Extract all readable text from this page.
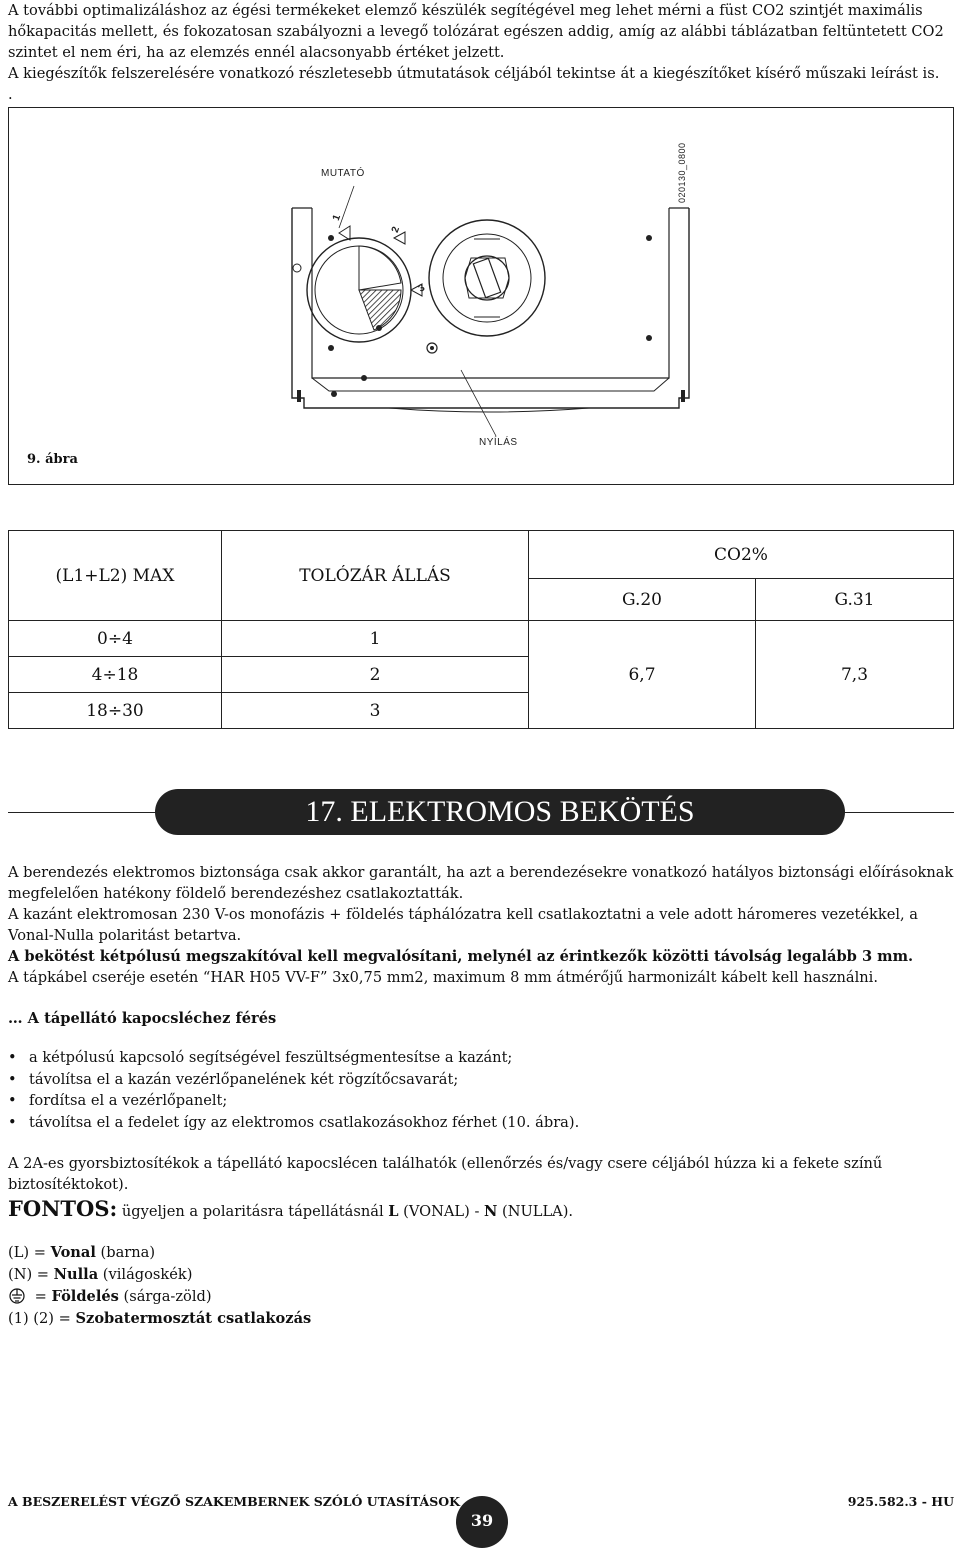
A további optimalizáláshoz az égési termékeket elemző készülék segítégével meg lehet mérni a füst CO2 szintjét maximális hőkapacitás mellett, és fokozatosan szabályozni a levegő tolózárat egészen addig, amíg az alábbi táblázatban feltüntetett CO2 szintet el nem éri, ha az elemzés ennél alacsonyabb értéket jelzett.

A kiegészítők felszerelésére vonatkozó részletesebb útmutatások céljából tekintse át a kiegészítőket kísérő műszaki leírást is.

.

MUTATÓ
NYÍLÁS
1
2
3
020130_0800
9. ábra
(L1+L2) MAX	TOLÓZÁR ÁLLÁS	CO2%	
		G.20	G.31
0÷4	1	6,7	7,3
4÷18	2		
18÷30	3		
17. ELEKTROMOS BEKÖTÉS

A berendezés elektromos biztonsága csak akkor garantált, ha azt a berendezésekre vonatkozó hatályos biztonsági előírásoknak megfelelően hatékony földelő berendezéshez csatlakoztatták.

A kazánt elektromosan 230 V-os monofázis + földelés táphálózatra kell csatlakoztatni a vele adott háromeres vezetékkel, a Vonal-Nulla polaritást betartva.

A bekötést kétpólusú megszakítóval kell megvalósítani, melynél az érintkezők közötti távolság legalább 3 mm.

A tápkábel cseréje esetén “HAR H05 VV-F” 3x0,75 mm2, maximum 8 mm átmérőjű harmonizált kábelt kell használni.

… A tápellátó kapocsléchez férés
• a kétpólusú kapcsoló segítségével feszültségmentesítse a kazánt;
• távolítsa el a kazán vezérlőpanelének két rögzítőcsavarát;
• fordítsa el a vezérlőpanelt;
• távolítsa el a fedelet így az elektromos csatlakozásokhoz férhet (10. ábra).

A 2A-es gyorsbiztosítékok a tápellátó kapocslécen találhatók (ellenőrzés és/vagy csere céljából húzza ki a fekete színű biztosítéktokot).

FONTOS: ügyeljen a polaritásra tápellátásnál L (VONAL) - N (NULLA).
(L) = Vonal (barna)
(N) = Nulla (világoskék)
= Földelés (sárga-zöld)
(1) (2) = Szobatermosztát csatlakozás
A BESZERELÉST VÉGZŐ SZAKEMBERNEK SZÓLÓ UTASÍTÁSOK
39
925.582.3 - HU
